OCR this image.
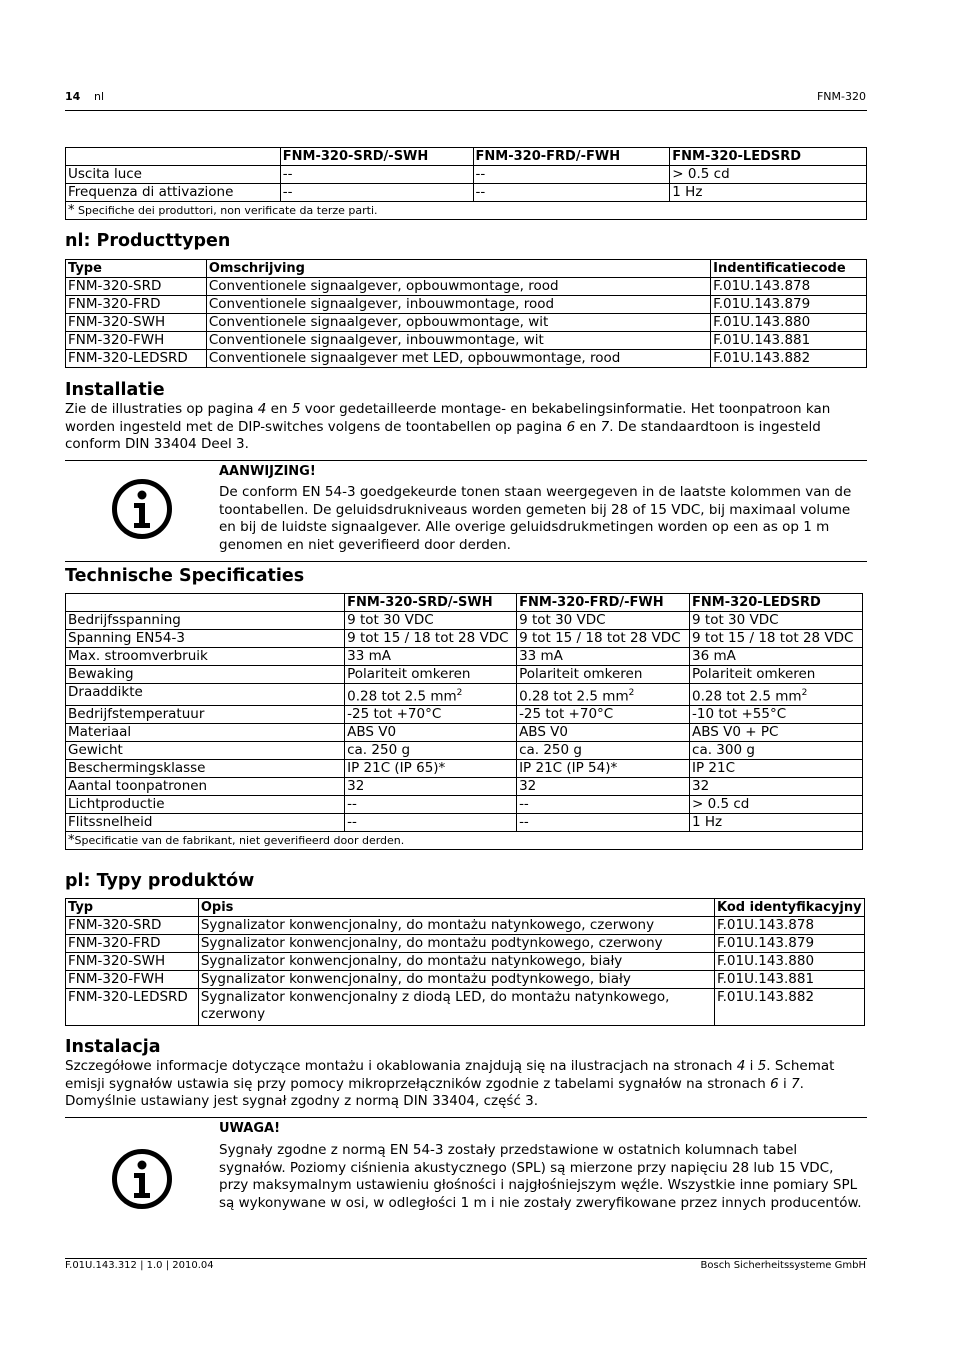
14 nl	FNM-320
	FNM-320-SRD/-SWH	FNM-320-FRD/-FWH	FNM-320-LEDSRD
Uscita luce	--	--	> 0.5 cd
Frequenza di attivazione	--	--	1 Hz
* Specifiche dei produttori, non verificate da terze parti.			
nl: Producttypen
Type	Omschrijving	Indentificatiecode
FNM-320-SRD	Conventionele signaalgever, opbouwmontage, rood	F.01U.143.878
FNM-320-FRD	Conventionele signaalgever, inbouwmontage, rood	F.01U.143.879
FNM-320-SWH	Conventionele signaalgever, opbouwmontage, wit	F.01U.143.880
FNM-320-FWH	Conventionele signaalgever, inbouwmontage, wit	F.01U.143.881
FNM-320-LEDSRD	Conventionele signaalgever met LED, opbouwmontage, rood	F.01U.143.882
Installatie
Zie de illustraties op pagina 4 en 5 voor gedetailleerde montage- en bekabelingsinformatie. Het toonpatroon kan worden ingesteld met de DIP-switches volgens de toontabellen op pagina 6 en 7. De standaardtoon is ingesteld conform DIN 33404 Deel 3.
AANWIJZING!
De conform EN 54-3 goedgekeurde tonen staan weergegeven in de laatste kolommen van de toontabellen. De geluidsdrukniveaus worden gemeten bij 28 of 15 VDC, bij maximaal volume en bij de luidste signaalgever. Alle overige geluidsdrukmetingen worden op een as op 1 m genomen en niet geverifieerd door derden.
Technische Specificaties
	FNM-320-SRD/-SWH	FNM-320-FRD/-FWH	FNM-320-LEDSRD
Bedrijfsspanning	9 tot 30 VDC	9 tot 30 VDC	9 tot 30 VDC
Spanning EN54-3	9 tot 15 / 18 tot 28 VDC	9 tot 15 / 18 tot 28 VDC	9 tot 15 / 18 tot 28 VDC
Max. stroomverbruik	33 mA	33 mA	36 mA
Bewaking	Polariteit omkeren	Polariteit omkeren	Polariteit omkeren
Draaddikte	0.28 tot 2.5 $mm^2$	0.28 tot 2.5 $mm^2$	0.28 tot 2.5 $mm^2$
Bedrijfstemperatuur	-25 tot +70°C	-25 tot +70°C	-10 tot +55°C
Materiaal	ABS V0	ABS V0	ABS V0 + PC
Gewicht	ca. 250 g	ca. 250 g	ca. 300 g
Beschermingsklasse	IP 21C (IP 65)*	IP 21C (IP 54)*	IP 21C
Aantal toonpatronen	32	32	32
Lichtproductie	--	--	> 0.5 cd
Flitssnelheid	--	--	1 Hz
*Specificatie van de fabrikant, niet geverifieerd door derden.			
pl: Typy produktów
Typ	Opis	Kod identyfikacyjny
FNM-320-SRD	Sygnalizator konwencjonalny, do montażu natynkowego, czerwony	F.01U.143.878
FNM-320-FRD	Sygnalizator konwencjonalny, do montażu podtynkowego, czerwony	F.01U.143.879
FNM-320-SWH	Sygnalizator konwencjonalny, do montażu natynkowego, biały	F.01U.143.880
FNM-320-FWH	Sygnalizator konwencjonalny, do montażu podtynkowego, biały	F.01U.143.881
FNM-320-LEDSRD	Sygnalizator konwencjonalny z diodą LED, do montażu natynkowego, czerwony	F.01U.143.882
Instalacja
Szczegółowe informacje dotyczące montażu i okablowania znajdują się na ilustracjach na stronach 4 i 5. Schemat emisji sygnałów ustawia się przy pomocy mikroprzełączników zgodnie z tabelami sygnałów na stronach 6 i 7. Domyślnie ustawiany jest sygnał zgodny z normą DIN 33404, część 3.
UWAGA!
Sygnały zgodne z normą EN 54-3 zostały przedstawione w ostatnich kolumnach tabel sygnałów. Poziomy ciśnienia akustycznego (SPL) są mierzone przy napięciu 28 lub 15 VDC, przy maksymalnym ustawieniu głośności i najgłośniejszym węźle. Wszystkie inne pomiary SPL są wykonywane w osi, w odległości 1 m i nie zostały zweryfikowane przez innych producentów.
F.01U.143.312 | 1.0 | 2010.04	Bosch Sicherheitssysteme GmbH
